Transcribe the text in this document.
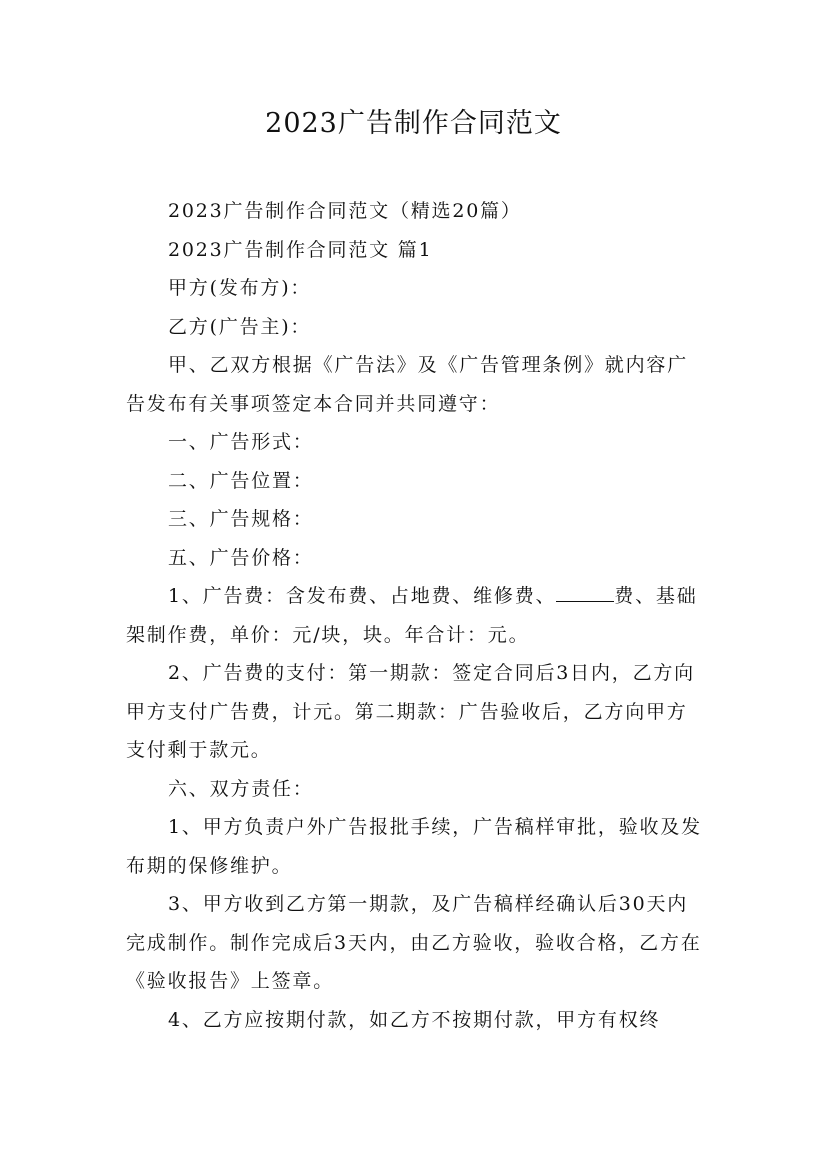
2023广告制作合同范文

2023广告制作合同范文（精选20篇）

2023广告制作合同范文 篇1

甲方(发布方)：

乙方(广告主)：

甲、乙双方根据《广告法》及《广告管理条例》就内容广告发布有关事项签定本合同并共同遵守：

一、广告形式：

二、广告位置：

三、广告规格：

五、广告价格：

1、广告费：含发布费、占地费、维修费、	费、基础架制作费，单价：元/块，块。年合计：元。

2、广告费的支付：第一期款：签定合同后3日内，乙方向甲方支付广告费，计元。第二期款：广告验收后，乙方向甲方支付剩于款元。

六、双方责任：

1、甲方负责户外广告报批手续，广告稿样审批，验收及发布期的保修维护。

3、甲方收到乙方第一期款，及广告稿样经确认后30天内完成制作。制作完成后3天内，由乙方验收，验收合格，乙方在《验收报告》上签章。

4、乙方应按期付款，如乙方不按期付款，甲方有权终
